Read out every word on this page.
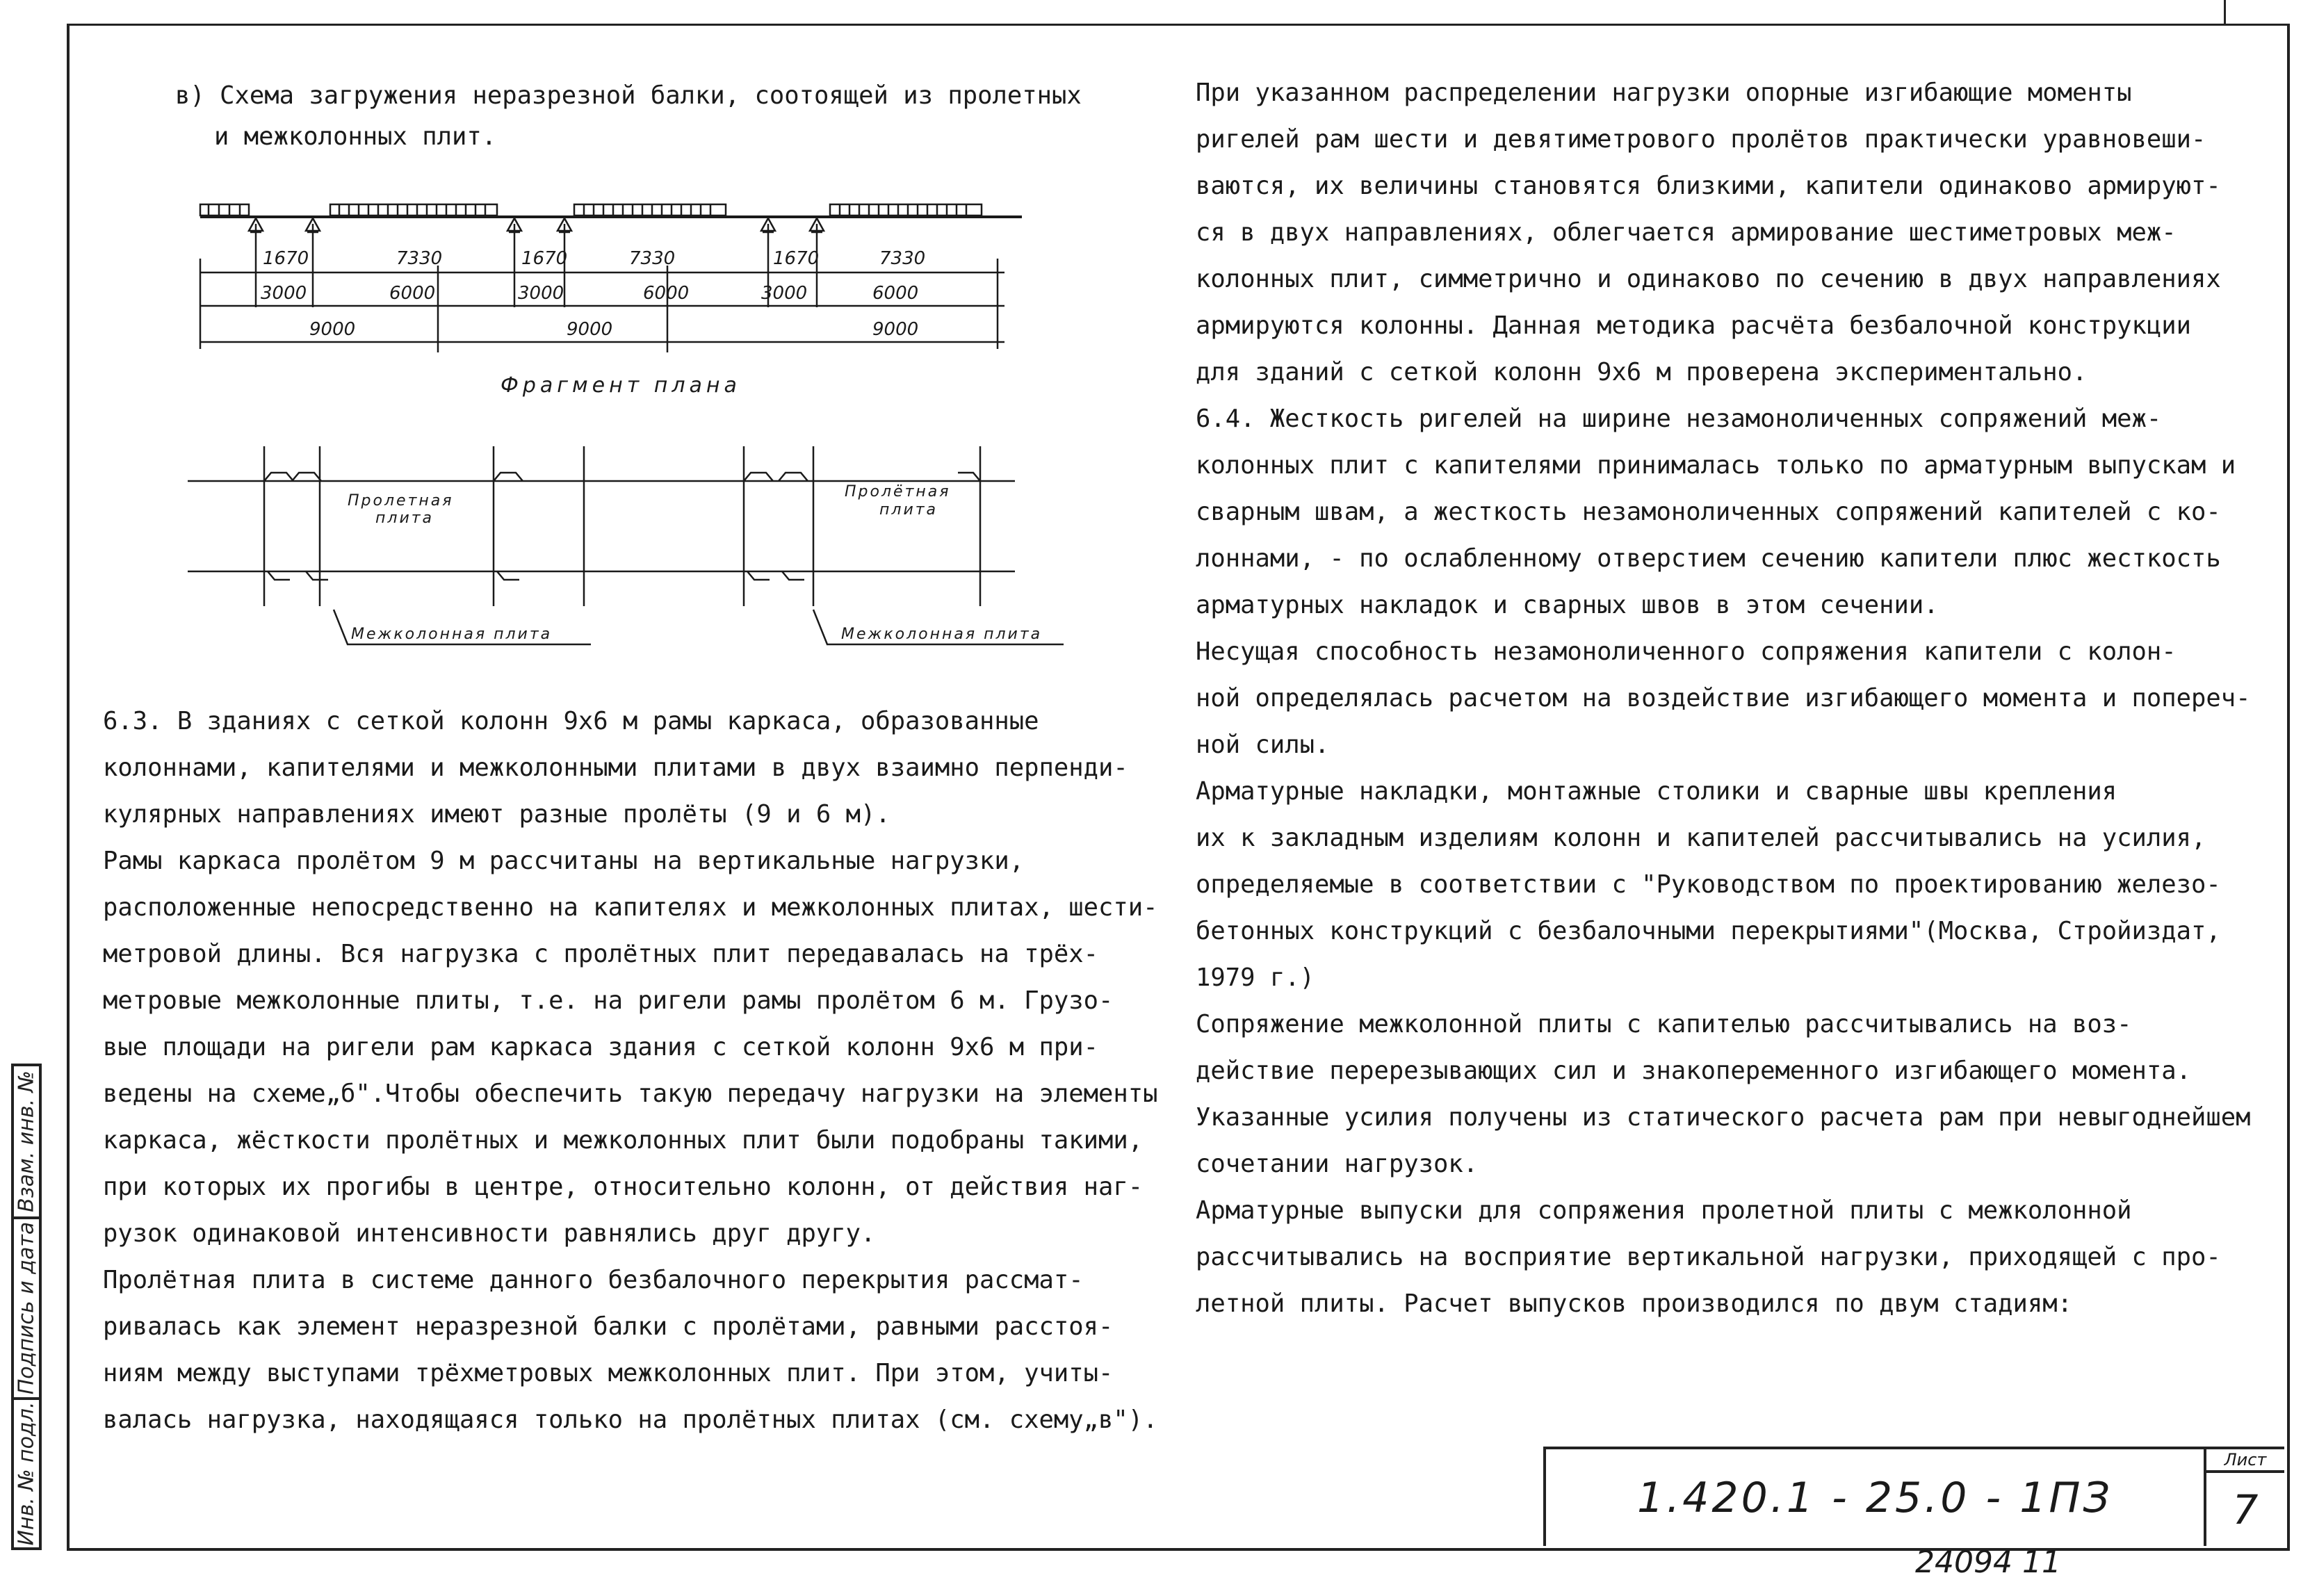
в) Схема загружения неразрезной балки, соотоящей из пролетных

и межколонных плит.

1670	7330	1670	7330	1670	7330
3000	6000	3000	6000	3000	6000
9000	9000	9000
Фрагмент плана
Пролетная
плита
Пролётная
плита
Межколонная плита	Межколонная плита

6.3. В зданиях с сеткой колонн 9х6 м рамы каркаса, образованные

колоннами, капителями и межколонными плитами в двух взаимно перпенди-

кулярных направлениях имеют разные пролёты (9 и 6 м).

Рамы каркаса пролётом 9 м рассчитаны на вертикальные нагрузки,

расположенные непосредственно на капителях и межколонных плитах, шести-

метровой длины. Вся нагрузка с пролётных плит передавалась на трёх-

метровые межколонные плиты, т.е. на ригели рамы пролётом 6 м. Грузо-

вые площади на ригели рам каркаса здания с сеткой колонн 9х6 м при-

ведены на схеме„б".Чтобы обеспечить такую передачу нагрузки на элементы

каркаса, жёсткости пролётных и межколонных плит были подобраны такими,

при которых их прогибы в центре, относительно колонн, от действия наг-

рузок одинаковой интенсивности равнялись друг другу.

Пролётная плита в системе данного безбалочного перекрытия рассмат-

ривалась как элемент неразрезной балки с пролётами, равными расстоя-

ниям между выступами трёхметровых межколонных плит. При этом, учиты-

валась нагрузка, находящаяся только на пролётных плитах (см. схему„в").

При указанном распределении нагрузки опорные изгибающие моменты

ригелей рам шести и девятиметрового пролётов практически уравновеши-

ваются, их величины становятся близкими, капители одинаково армируют-

ся в двух направлениях, облегчается армирование шестиметровых меж-

колонных плит, симметрично и одинаково по сечению в двух направлениях

армируются колонны. Данная методика расчёта безбалочной конструкции

для зданий с сеткой колонн 9х6 м проверена экспериментально.

6.4. Жесткость ригелей на ширине незамоноличенных сопряжений меж-

колонных плит с капителями принималась только по арматурным выпускам и

сварным швам, а жесткость незамоноличенных сопряжений капителей с ко-

лоннами, - по ослабленному отверстием сечению капители плюс жесткость

арматурных накладок и сварных швов в этом сечении.

Несущая способность незамоноличенного сопряжения капители с колон-

ной определялась расчетом на воздействие изгибающего момента и попереч-

ной силы.

Арматурные накладки, монтажные столики и сварные швы крепления

их к закладным изделиям колонн и капителей рассчитывались на усилия,

определяемые в соответствии с "Руководством по проектированию железо-

бетонных конструкций с безбалочными перекрытиями"(Москва, Стройиздат,

1979 г.)

Сопряжение межколонной плиты с капителью рассчитывались на воз-

действие перерезывающих сил и знакопеременного изгибающего момента.

Указанные усилия получены из статического расчета рам при невыгоднейшем

сочетании нагрузок.

Арматурные выпуски для сопряжения пролетной плиты с межколонной

рассчитывались на восприятие вертикальной нагрузки, приходящей с про-

летной плиты. Расчет выпусков производился по двум стадиям:

Взам. инв. №
Подпись и дата
Инв. № подл.	1.420.1 - 25.0 - 1ПЗ
Лист
7
24094 11
